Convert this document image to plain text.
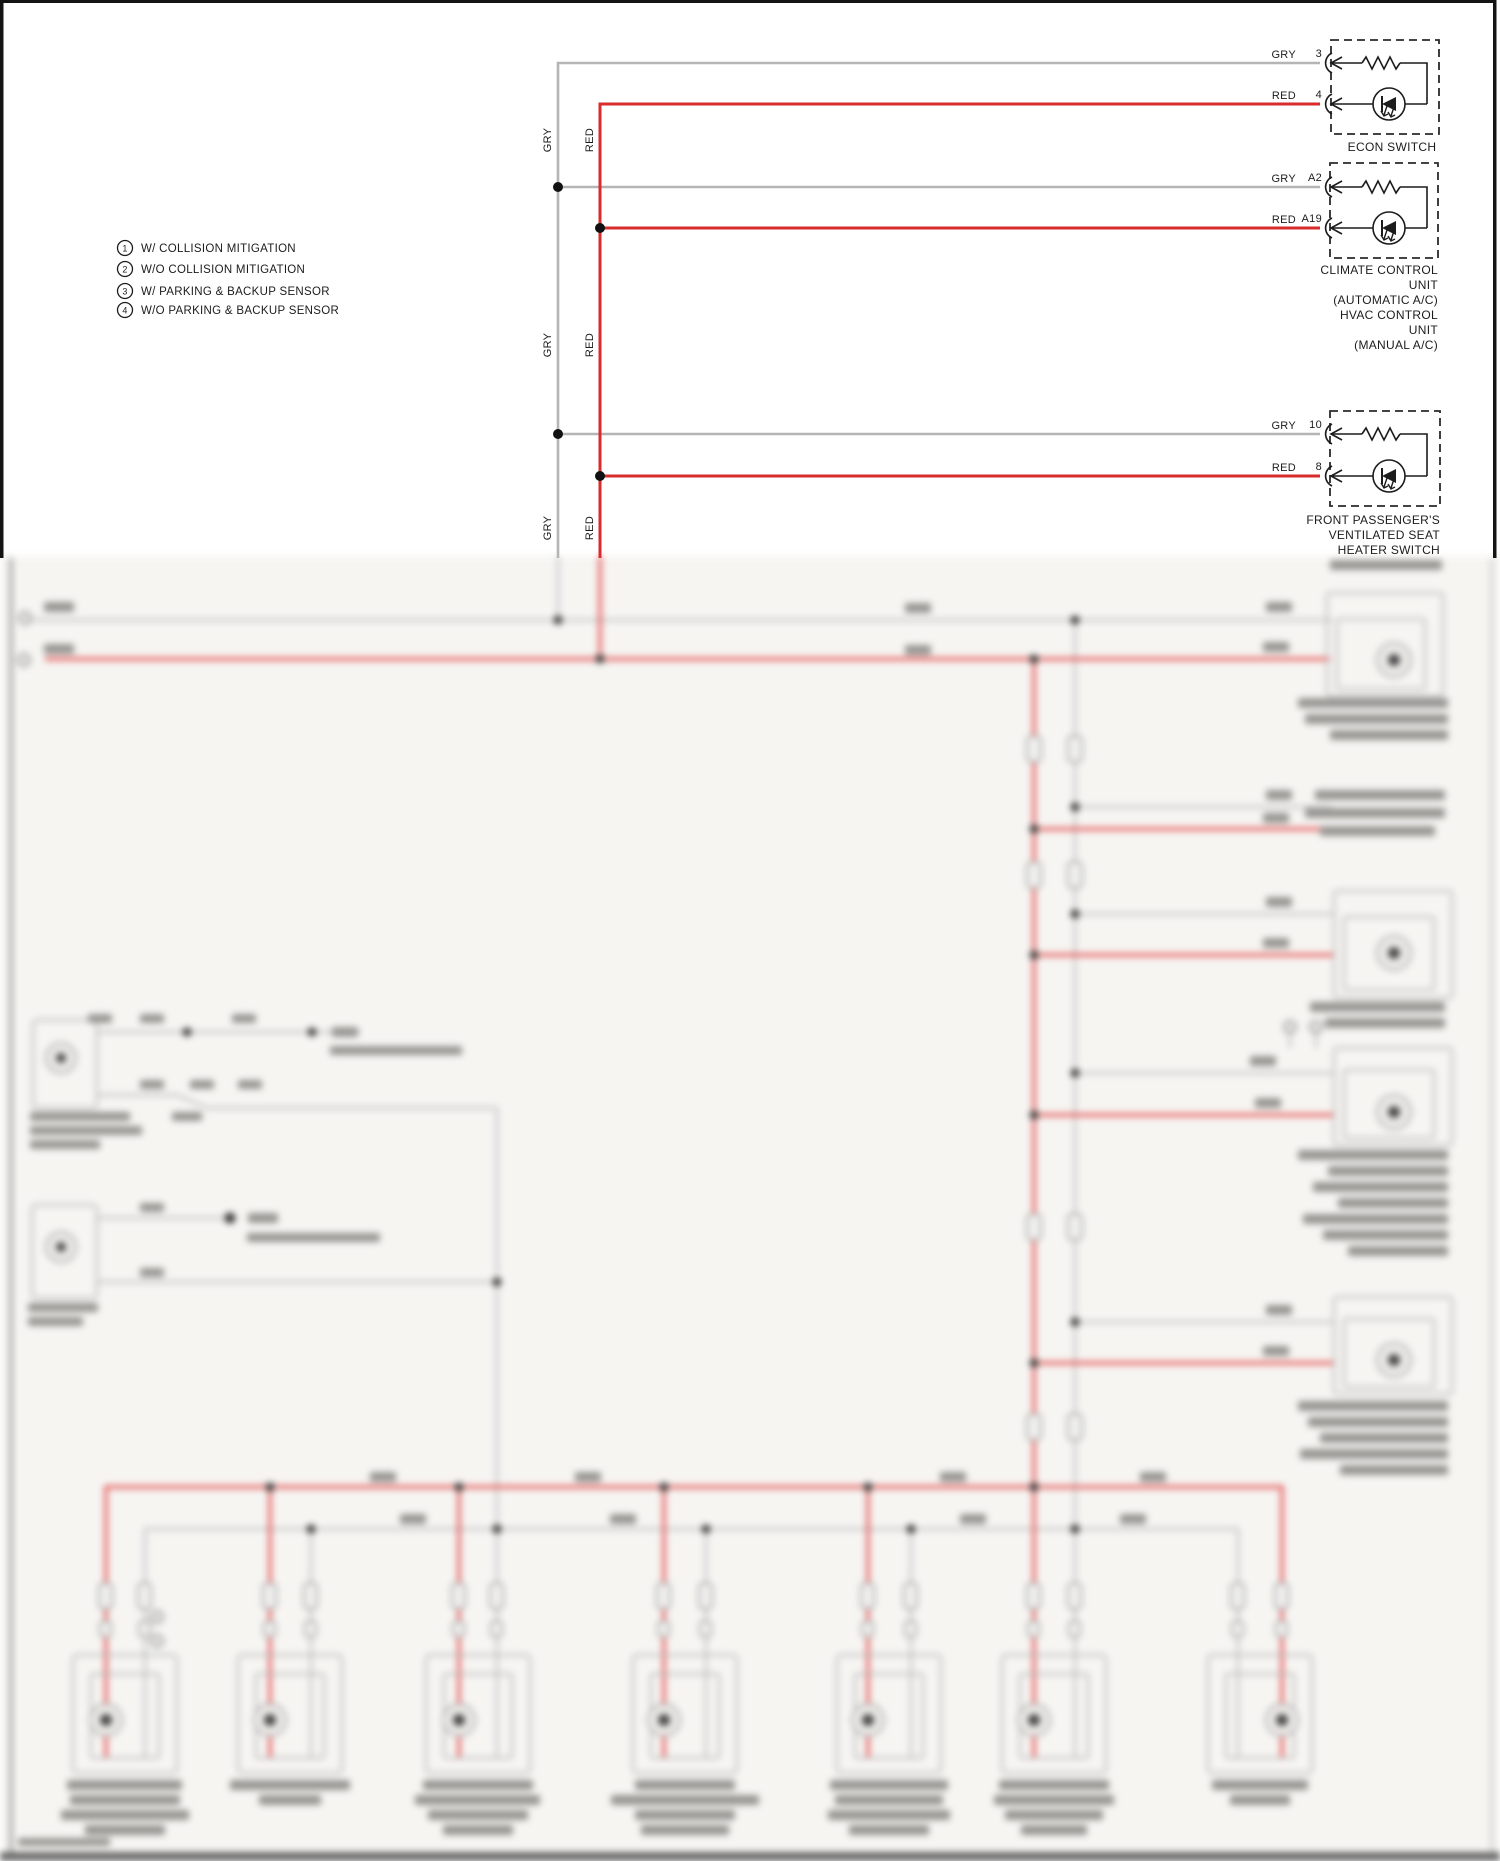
GRY	RED
GRY	RED
GRY	RED
1 W/ COLLISION MITIGATION
2 W/O COLLISION MITIGATION
3 W/ PARKING & BACKUP SENSOR
4 W/O PARKING & BACKUP SENSOR
GRY 3
RED 4
ECON SWITCH
GRY A2
RED A19
CLIMATE CONTROL
UNIT
(AUTOMATIC A/C)
HVAC CONTROL
UNIT
(MANUAL A/C)
GRY 10
RED 8
FRONT PASSENGER'S
VENTILATED SEAT
HEATER SWITCH
